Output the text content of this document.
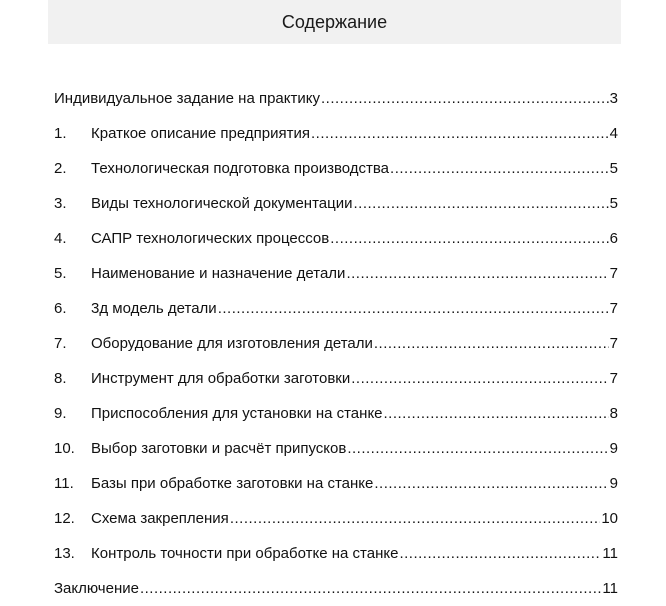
Содержание
Индивидуальное задание на практику .....	3
1.	Краткое описание предприятия .....	4
2.	Технологическая подготовка производства .....	5
3.	Виды технологической документации .....	5
4.	САПР технологических процессов .....	6
5.	Наименование и назначение детали .....	7
6.	3д модель детали .....	7
7.	Оборудование для изготовления детали .....	7
8.	Инструмент для обработки заготовки .....	7
9.	Приспособления для установки на станке .....	8
10.	Выбор заготовки и расчёт припусков .....	9
11.	Базы при обработке заготовки на станке .....	9
12.	Схема закрепления .....	10
13.	Контроль точности при обработке на станке .....	11
Заключение .....	11
